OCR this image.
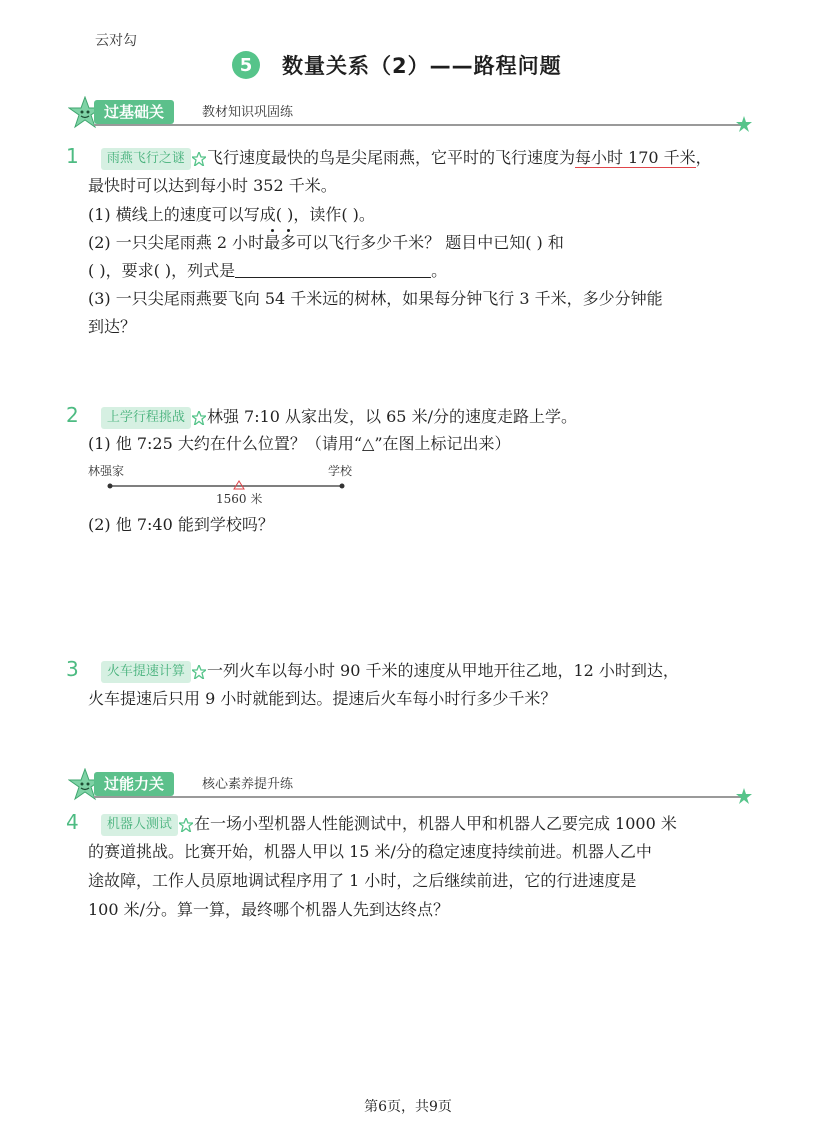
云对勾
5	数量关系（2）——路程问题
过基础关	教材知识巩固练
1 雨燕飞行之谜 飞行速度最快的鸟是尖尾雨燕，它平时的飞行速度为每小时 170 千米，
最快时可以达到每小时 352 千米。
(1) 横线上的速度可以写成( )，读作( )。
(2) 一只尖尾雨燕 2 小时最多可以飞行多少千米？ 题目中已知( ) 和
( )，要求( )，列式是	。
(3) 一只尖尾雨燕要飞向 54 千米远的树林，如果每分钟飞行 3 千米，多少分钟能
到达？
2 上学行程挑战 林强 7:10 从家出发，以 65 米/分的速度走路上学。
(1) 他 7:25 大约在什么位置？（请用“△”在图上标记出来）
林强家	学校
1560 米
(2) 他 7:40 能到学校吗？
3 火车提速计算 一列火车以每小时 90 千米的速度从甲地开往乙地，12 小时到达，
火车提速后只用 9 小时就能到达。提速后火车每小时行多少千米？
过能力关	核心素养提升练
4 机器人测试 在一场小型机器人性能测试中，机器人甲和机器人乙要完成 1000 米
的赛道挑战。比赛开始，机器人甲以 15 米/分的稳定速度持续前进。机器人乙中
途故障，工作人员原地调试程序用了 1 小时，之后继续前进，它的行进速度是
100 米/分。算一算，最终哪个机器人先到达终点？
第6页，共9页
